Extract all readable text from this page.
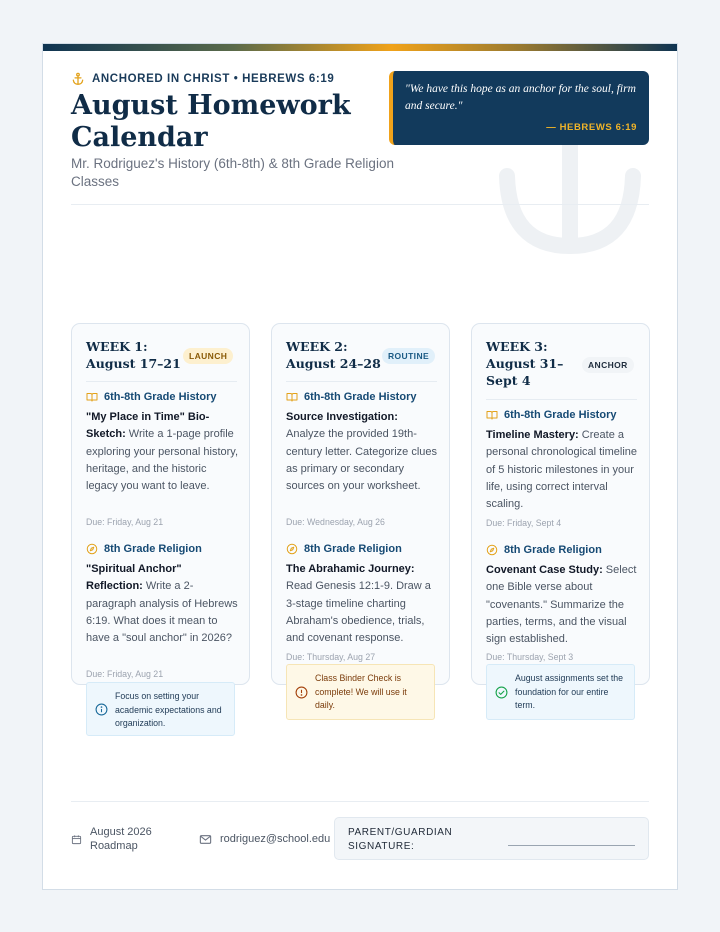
ANCHORED IN CHRIST • HEBREWS 6:19
August Homework Calendar
Mr. Rodriguez's History (6th-8th) & 8th Grade Religion Classes
"We have this hope as an anchor for the soul, firm and secure."
— HEBREWS 6:19
WEEK 1: August 17–21 LAUNCH
6th-8th Grade History
"My Place in Time" Bio-Sketch: Write a 1-page profile exploring your personal history, heritage, and the historic legacy you want to leave.
Due: Friday, Aug 21
8th Grade Religion
"Spiritual Anchor" Reflection: Write a 2-paragraph analysis of Hebrews 6:19. What does it mean to have a "soul anchor" in 2026?
Due: Friday, Aug 21
Focus on setting your academic expectations and organization.
WEEK 2: August 24–28 ROUTINE
6th-8th Grade History
Source Investigation: Analyze the provided 19th-century letter. Categorize clues as primary or secondary sources on your worksheet.
Due: Wednesday, Aug 26
8th Grade Religion
The Abrahamic Journey: Read Genesis 12:1-9. Draw a 3-stage timeline charting Abraham's obedience, trials, and covenant response.
Due: Thursday, Aug 27
Class Binder Check is complete! We will use it daily.
WEEK 3: August 31–Sept 4
ANCHOR
6th-8th Grade History
Timeline Mastery: Create a personal chronological timeline of 5 historic milestones in your life, using correct interval scaling.
Due: Friday, Sept 4
8th Grade Religion
Covenant Case Study: Select one Bible verse about "covenants." Summarize the parties, terms, and the visual sign established.
Due: Thursday, Sept 3
August assignments set the foundation for our entire term.
August 2026 Roadmap
rodriguez@school.edu
PARENT/GUARDIAN SIGNATURE:
